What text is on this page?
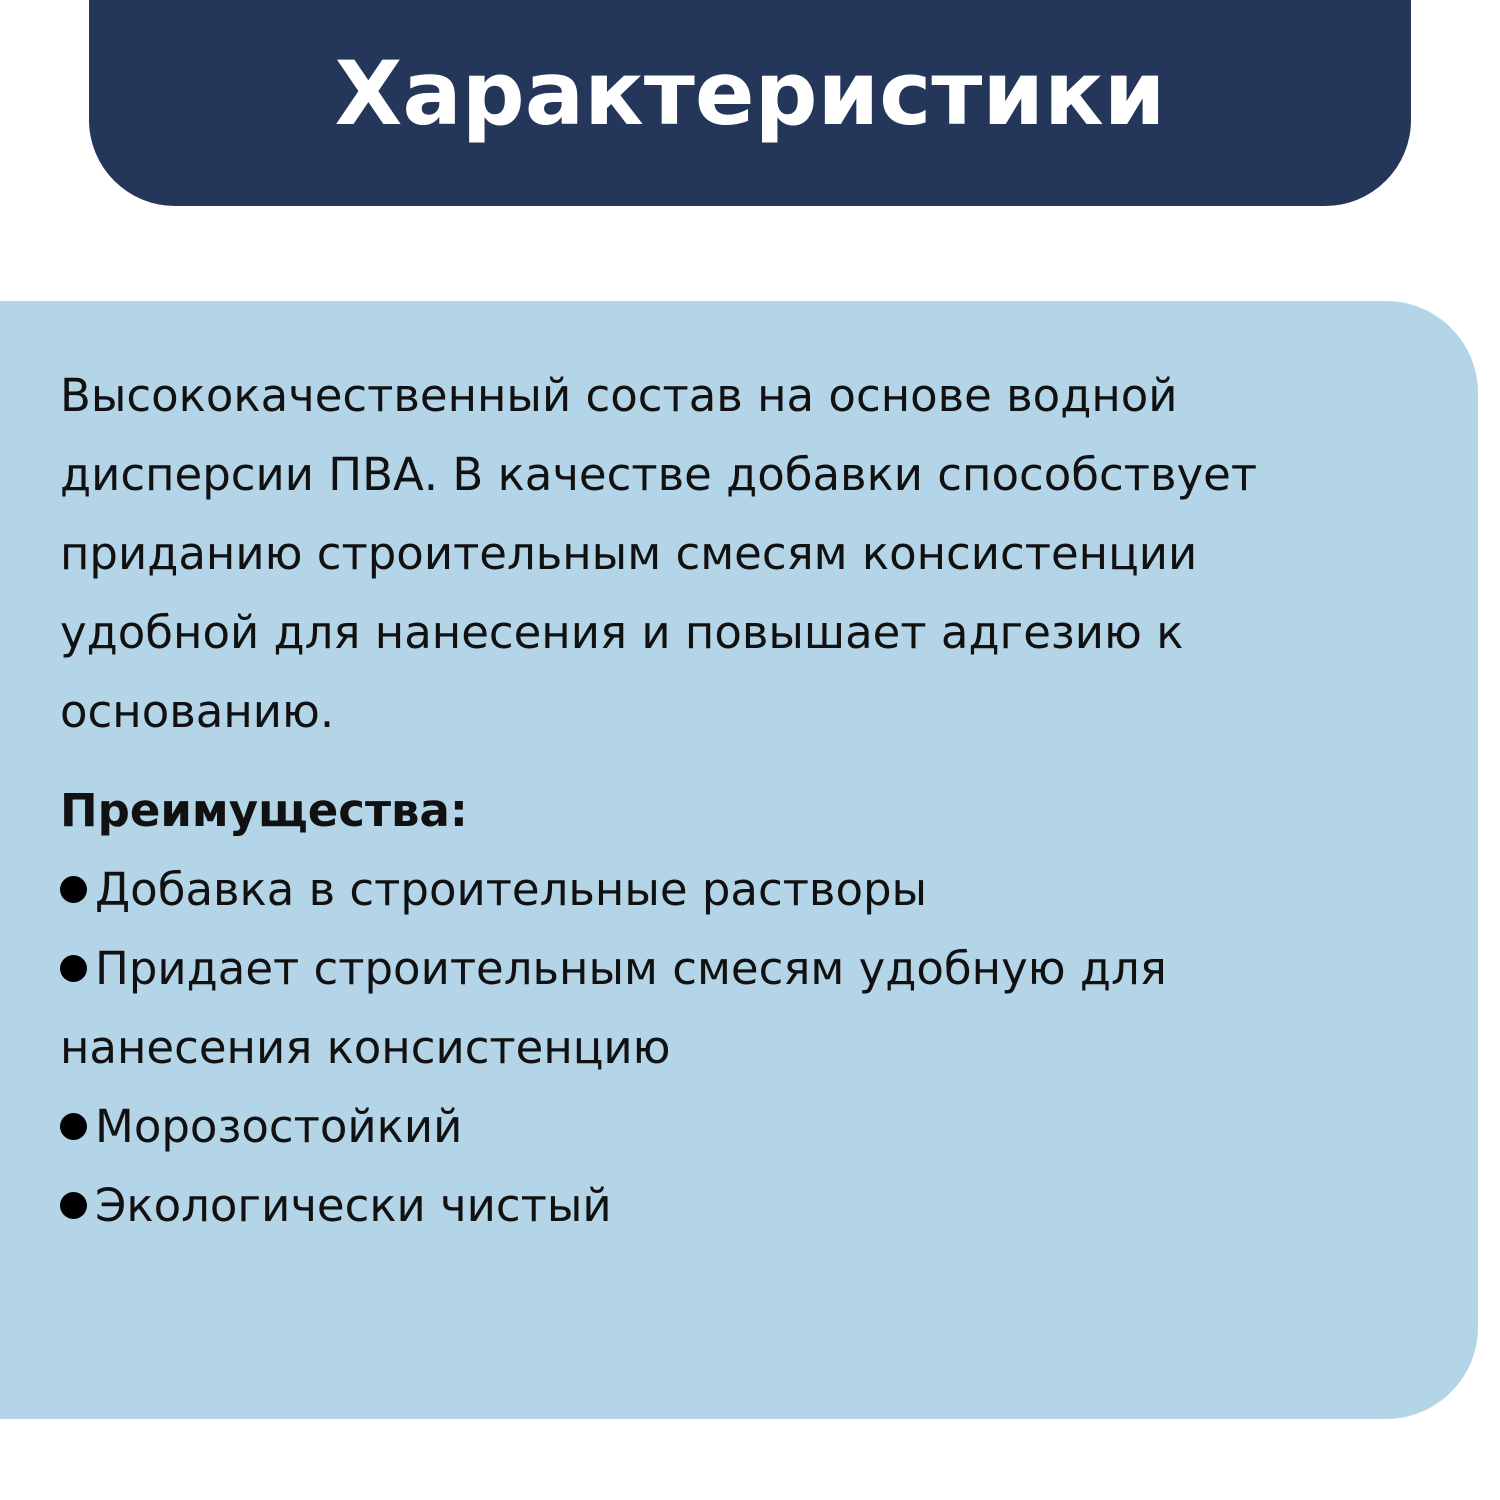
Характеристики
Высококачественный состав на основе водной
дисперсии ПВА. В качестве добавки способствует
приданию строительным смесям консистенции
удобной для нанесения и повышает адгезию к
основанию.
Преимущества:
Добавка в строительные растворы
Придает строительным смесям удобную для
нанесения консистенцию
Морозостойкий
Экологически чистый
